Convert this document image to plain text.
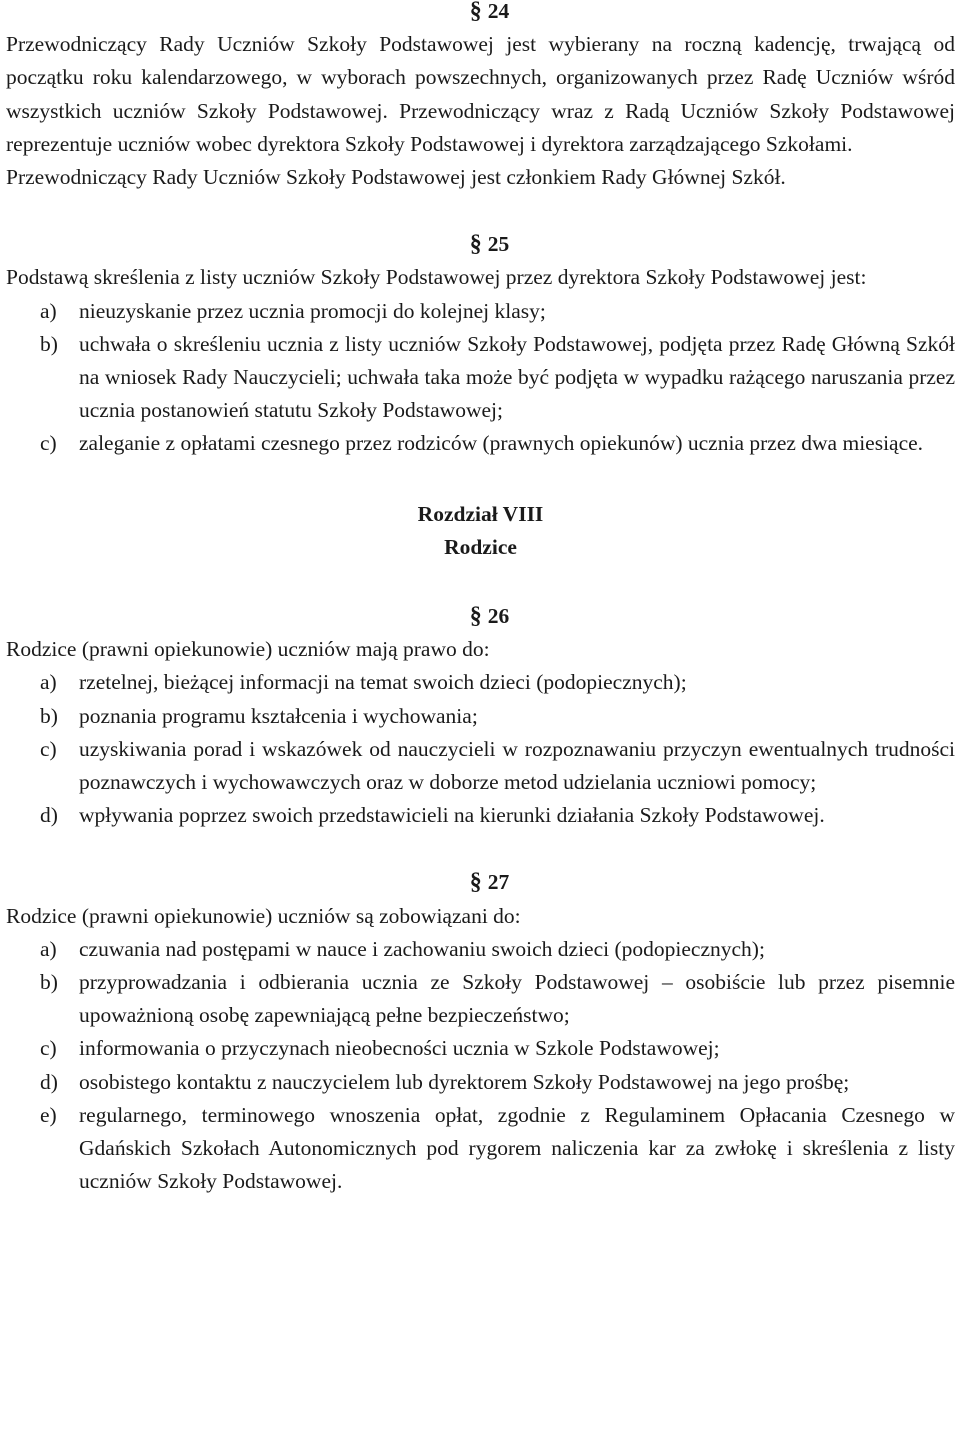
§ 24
Przewodniczący Rady Uczniów Szkoły Podstawowej jest wybierany na roczną kadencję, trwającą od początku roku kalendarzowego, w wyborach powszechnych, organizowanych przez Radę Uczniów wśród wszystkich uczniów Szkoły Podstawowej. Przewodniczący wraz z Radą Uczniów Szkoły Podstawowej reprezentuje uczniów wobec dyrektora Szkoły Podstawowej i dyrektora zarządzającego Szkołami.
Przewodniczący Rady Uczniów Szkoły Podstawowej jest członkiem Rady Głównej Szkół.
§ 25
Podstawą skreślenia z listy uczniów Szkoły Podstawowej przez dyrektora Szkoły Podstawowej jest:
a)	nieuzyskanie przez ucznia promocji do kolejnej klasy;
b) uchwała o skreśleniu ucznia z listy uczniów Szkoły Podstawowej, podjęta przez Radę Główną Szkół na wniosek Rady Nauczycieli; uchwała taka może być podjęta w wypadku rażącego naruszania przez ucznia postanowień statutu Szkoły Podstawowej;
c)	zaleganie z opłatami czesnego przez rodziców (prawnych opiekunów) ucznia przez dwa miesiące.
Rozdział VIII
Rodzice
§ 26
Rodzice (prawni opiekunowie) uczniów mają prawo do:
a)	rzetelnej, bieżącej informacji na temat swoich dzieci (podopiecznych);
b) poznania programu kształcenia i wychowania;
c)	uzyskiwania porad i wskazówek od nauczycieli w rozpoznawaniu przyczyn ewentualnych trudności poznawczych i wychowawczych oraz w doborze metod udzielania uczniowi pomocy;
d) wpływania poprzez swoich przedstawicieli na kierunki działania Szkoły Podstawowej.
§ 27
Rodzice (prawni opiekunowie) uczniów są zobowiązani do:
a)	czuwania nad postępami w nauce i zachowaniu swoich dzieci (podopiecznych);
b) przyprowadzania i odbierania ucznia ze Szkoły Podstawowej – osobiście lub przez pisemnie upoważnioną osobę zapewniającą pełne bezpieczeństwo;
c)	informowania o przyczynach nieobecności ucznia w Szkole Podstawowej;
d) osobistego kontaktu z nauczycielem lub dyrektorem Szkoły Podstawowej na jego prośbę;
e)	regularnego, terminowego wnoszenia opłat, zgodnie z Regulaminem Opłacania Czesnego w Gdańskich Szkołach Autonomicznych pod rygorem naliczenia kar za zwłokę i skreślenia z listy uczniów Szkoły Podstawowej.
